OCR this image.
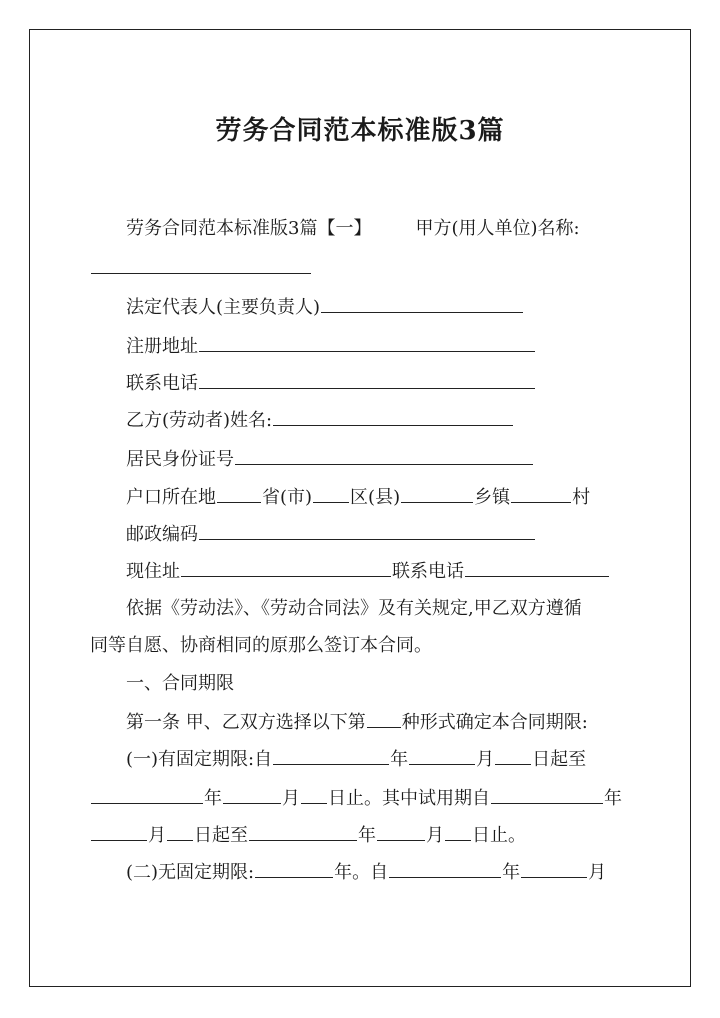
劳务合同范本标准版3篇
劳务合同范本标准版3篇【一】 甲方(用人单位)名称:
法定代表人(主要负责人)
注册地址
联系电话
乙方(劳动者)姓名:
居民身份证号
户口所在地	省(市) 区(县)	乡镇	村
邮政编码
现住址	联系电话
依据《劳动法》、《劳动合同法》及有关规定,甲乙双方遵循
同等自愿、协商相同的原那么签订本合同。
一、合同期限
第一条 甲、乙双方选择以下第 种形式确定本合同期限:
(一)有固定期限:自	年	月 日起至
年	月 日止。其中试用期自	年
月 日起至	年	月 日止。
(二)无固定期限:	年。自	年	月
